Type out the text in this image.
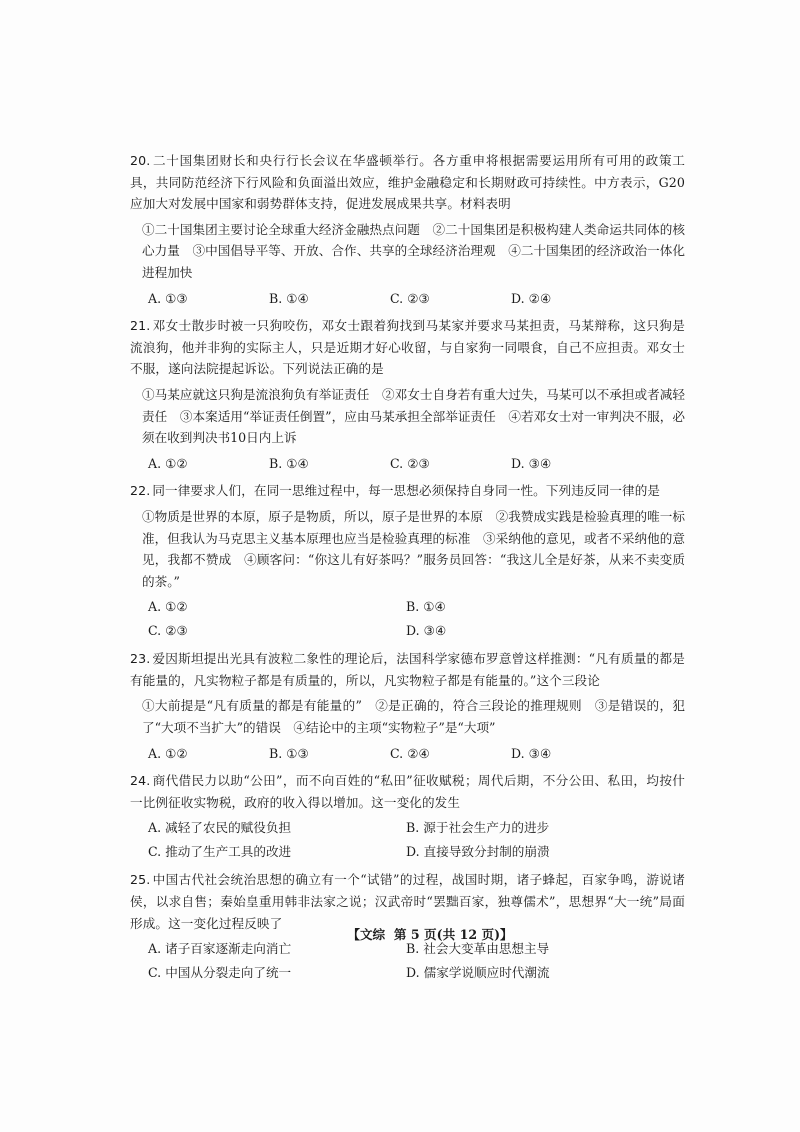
20. 二十国集团财长和央行行长会议在华盛顿举行。各方重申将根据需要运用所有可用的政策工具，共同防范经济下行风险和负面溢出效应，维护金融稳定和长期财政可持续性。中方表示，G20应加大对发展中国家和弱势群体支持，促进发展成果共享。材料表明

①二十国集团主要讨论全球重大经济金融热点问题　②二十国集团是积极构建人类命运共同体的核心力量　③中国倡导平等、开放、合作、共享的全球经济治理观　④二十国集团的经济政治一体化进程加快

A. ①③	B. ①④	C. ②③	D. ②④

21. 邓女士散步时被一只狗咬伤，邓女士跟着狗找到马某家并要求马某担责，马某辩称，这只狗是流浪狗，他并非狗的实际主人，只是近期才好心收留，与自家狗一同喂食，自己不应担责。邓女士不服，遂向法院提起诉讼。下列说法正确的是

①马某应就这只狗是流浪狗负有举证责任　②邓女士自身若有重大过失，马某可以不承担或者减轻责任　③本案适用“举证责任倒置”，应由马某承担全部举证责任　④若邓女士对一审判决不服，必须在收到判决书10日内上诉

A. ①②	B. ①④	C. ②③	D. ③④

22. 同一律要求人们，在同一思维过程中，每一思想必须保持自身同一性。下列违反同一律的是

①物质是世界的本原，原子是物质，所以，原子是世界的本原　②我赞成实践是检验真理的唯一标准，但我认为马克思主义基本原理也应当是检验真理的标准　③采纳他的意见，或者不采纳他的意见，我都不赞成　④顾客问：“你这儿有好茶吗？”服务员回答：“我这儿全是好茶，从来不卖变质的茶。”

A. ①②	B. ①④
C. ②③	D. ③④

23. 爱因斯坦提出光具有波粒二象性的理论后，法国科学家德布罗意曾这样推测：“凡有质量的都是有能量的，凡实物粒子都是有质量的，所以，凡实物粒子都是有能量的。”这个三段论

①大前提是“凡有质量的都是有能量的”　②是正确的，符合三段论的推理规则　③是错误的，犯了“大项不当扩大”的错误　④结论中的主项“实物粒子”是“大项”

A. ①②	B. ①③	C. ②④	D. ③④

24. 商代借民力以助“公田”，而不向百姓的“私田”征收赋税；周代后期，不分公田、私田，均按什一比例征收实物税，政府的收入得以增加。这一变化的发生

A. 减轻了农民的赋役负担	B. 源于社会生产力的进步
C. 推动了生产工具的改进	D. 直接导致分封制的崩溃

25. 中国古代社会统治思想的确立有一个“试错”的过程，战国时期，诸子蜂起，百家争鸣，游说诸侯，以求自售；秦始皇重用韩非法家之说；汉武帝时“罢黜百家，独尊儒术”，思想界“大一统”局面形成。这一变化过程反映了

A. 诸子百家逐渐走向消亡	B. 社会大变革由思想主导
C. 中国从分裂走向了统一	D. 儒家学说顺应时代潮流
【文综 第 5 页(共 12 页)】
